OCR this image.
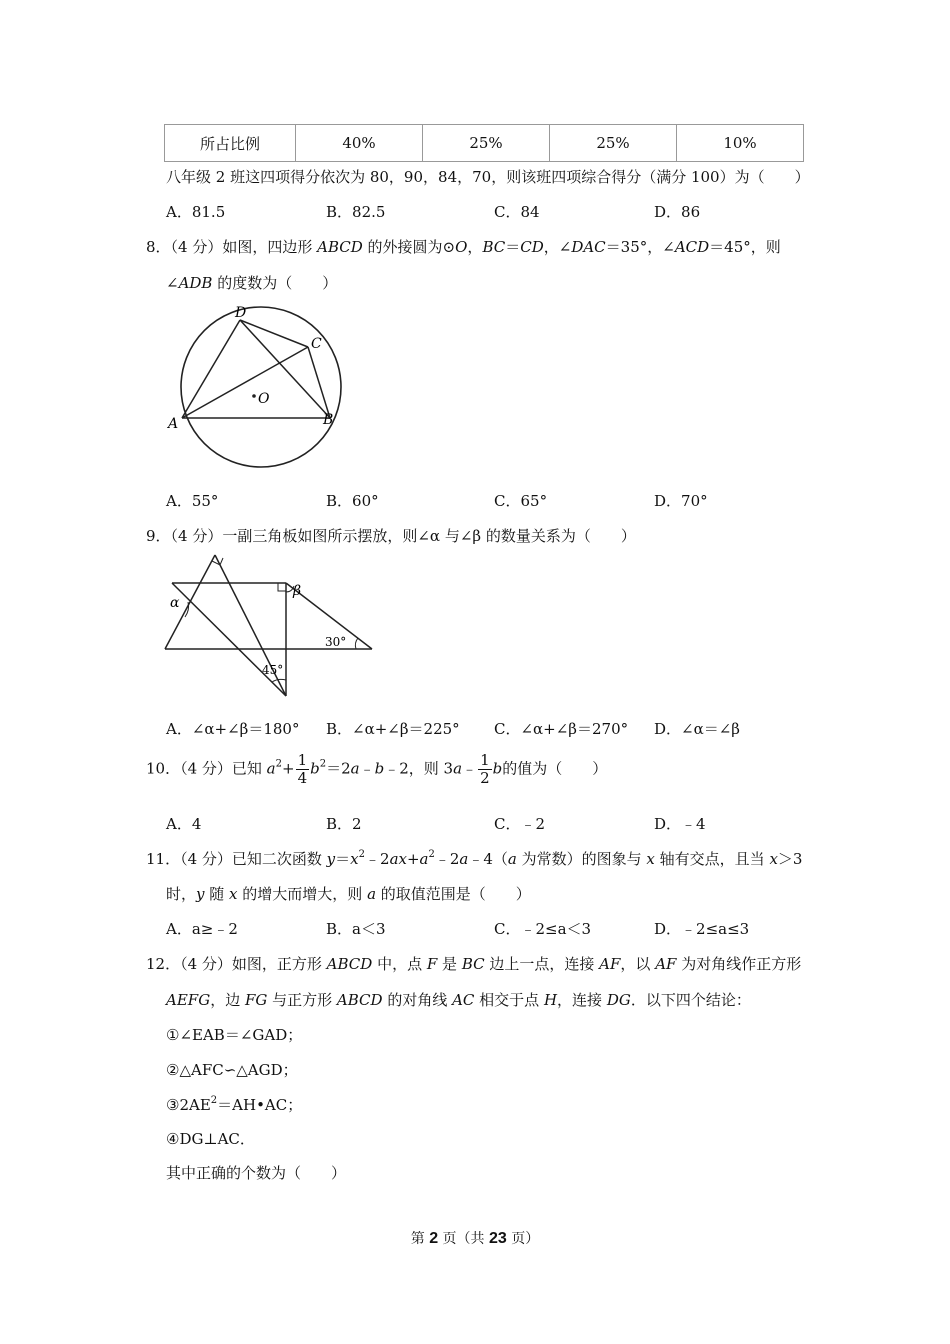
所占比例	40%	25%	25%	10%
八年级 2 班这四项得分依次为 80，90，84，70，则该班四项综合得分（满分 100）为（　　）
A．81.5	B．82.5	C．84	D．86
8．（4 分）如图，四边形 ABCD 的外接圆为⊙O，BC＝CD，∠DAC＝35°，∠ACD＝45°，则
∠ADB 的度数为（　　）
A	B
C
D
O
A．55°	B．60°	C．65°	D．70°
9．（4 分）一副三角板如图所示摆放，则∠α 与∠β 的数量关系为（　　）
α
β
30°
45°
A．∠α+∠β＝180° B．∠α+∠β＝225° C．∠α+∠β＝270° D．∠α＝∠β
10．（4 分）已知 $a^2+ \frac{1}{4}$ $b^2=2a﹣b﹣2$，则 3a﹣ $\frac{1}{2}$ b的值为（　　）
A．4	B．2	C．﹣2	D．﹣4
11．（4 分）已知二次函数 $y=x^2﹣2ax+a^2﹣2a﹣4(a$ 为常数）的图象与 x 轴有交点，且当 x＞3
时，y 随 x 的增大而增大，则 a 的取值范围是（　　）
A．a≥﹣2	B．a＜3	C．﹣2≤a＜3	D．﹣2≤a≤3
12．（4 分）如图，正方形 ABCD 中，点 F 是 BC 边上一点，连接 AF，以 AF 为对角线作正方形
AEFG，边 FG 与正方形 ABCD 的对角线 AC 相交于点 H，连接 DG．以下四个结论：
①∠EAB＝∠GAD；
②△AFC∽△AGD；
$③2AE^2=AH•AC$；
④DG⊥AC．
其中正确的个数为（　　）
第 2 页（共 23 页）
